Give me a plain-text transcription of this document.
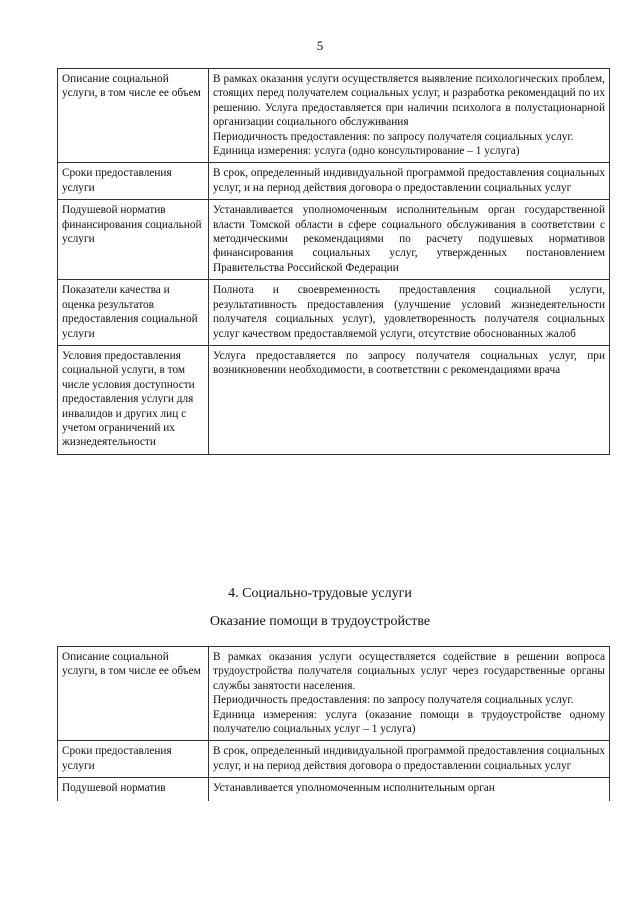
5
Описание социальной услуги, в том числе ее объем	В рамках оказания услуги осуществляется выявление психологических проблем, стоящих перед получателем социальных услуг, и разработка рекомендаций по их решению. Услуга предоставляется при наличии психолога в полустационарной организации социального обслуживания
Периодичность предоставления: по запросу получателя социальных услуг.
Единица измерения: услуга (одно консультирование – 1 услуга)

Сроки предоставления услуги	В срок, определенный индивидуальной программой предоставления социальных услуг, и на период действия договора о предоставлении социальных услуг

Подушевой норматив финансирования социальной услуги	Устанавливается уполномоченным исполнительным орган государственной власти Томской области в сфере социального обслуживания в соответствии с методическими рекомендациями по расчету подушевых нормативов финансирования социальных услуг, утвержденных постановлением Правительства Российской Федерации

Показатели качества и оценка результатов предоставления социальной услуги	Полнота и своевременность предоставления социальной услуги, результативность предоставления (улучшение условий жизнедеятельности получателя социальных услуг), удовлетворенность получателя социальных услуг качеством предоставляемой услуги, отсутствие обоснованных жалоб

Условия предоставления социальной услуги, в том числе условия доступности предоставления услуги для инвалидов и других лиц с учетом ограничений их жизнедеятельности	Услуга предоставляется по запросу получателя социальных услуг, при возникновении необходимости, в соответствии с рекомендациями врача
4. Социально-трудовые услуги
Оказание помощи в трудоустройстве
Описание социальной услуги, в том числе ее объем	В рамках оказания услуги осуществляется содействие в решении вопроса трудоустройства получателя социальных услуг через государственные органы службы занятости населения.
Периодичность предоставления: по запросу получателя социальных услуг.
Единица измерения: услуга (оказание помощи в трудоустройстве одному получателю социальных услуг – 1 услуга)

Сроки предоставления услуги	В срок, определенный индивидуальной программой предоставления социальных услуг, и на период действия договора о предоставлении социальных услуг

Подушевой норматив	Устанавливается уполномоченным исполнительным орган
